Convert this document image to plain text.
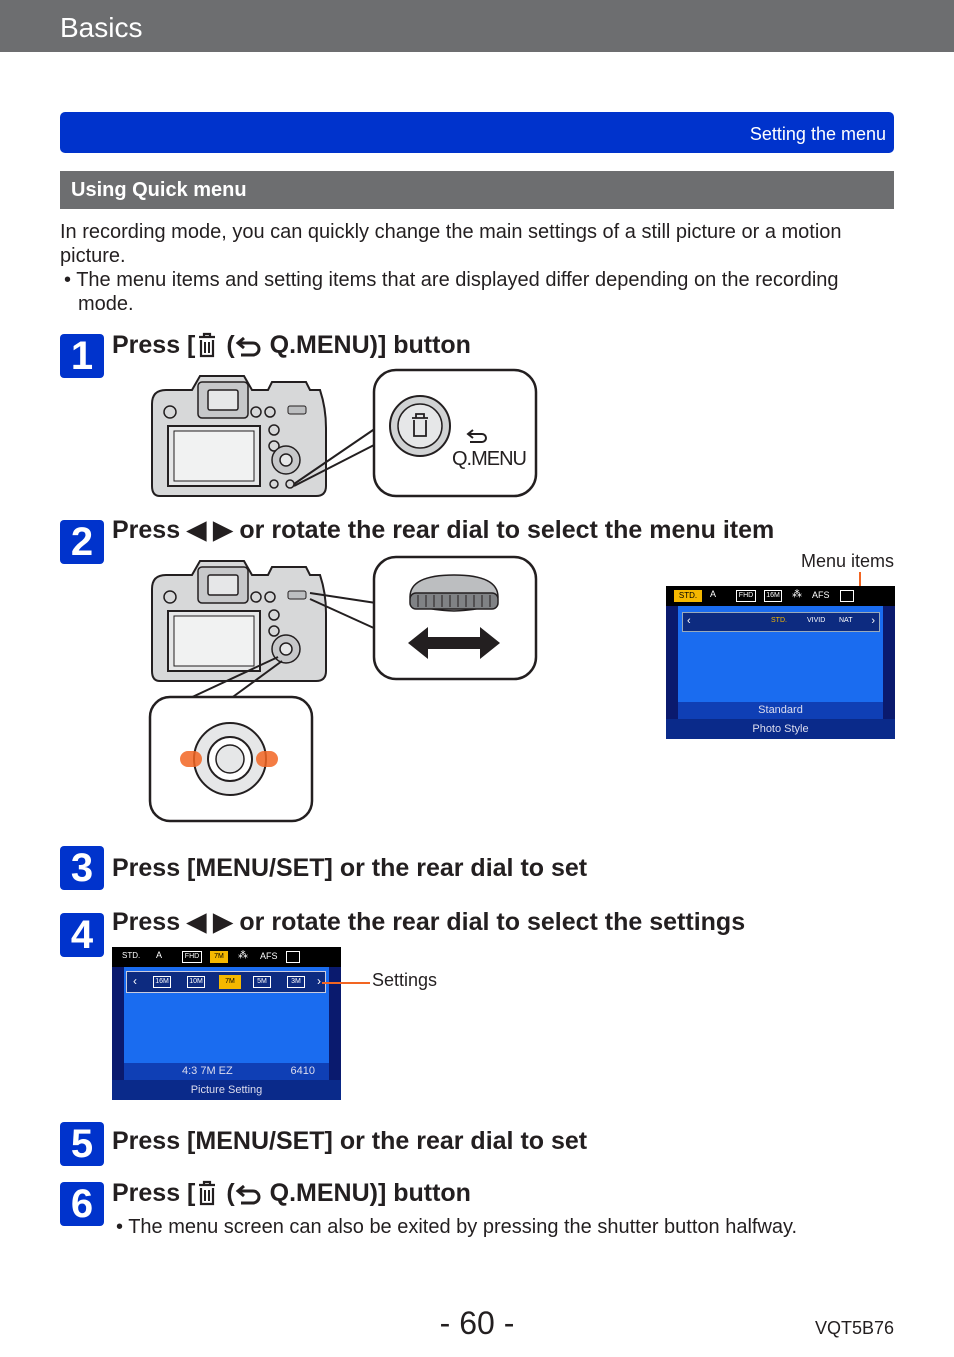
Basics
Setting the menu
Using Quick menu
In recording mode, you can quickly change the main settings of a still picture or a motion picture.
• The menu items and setting items that are displayed differ depending on the recording mode.
1 Press [ ( Q.MENU)] button
Q.MENU
2 Press ◀ ▶ or rotate the rear dial to select the menu item
Menu items
STD.	A	FHD	16M ⁂ AFS
‹	STD.	VIVID NAT ›
Standard
Photo Style
3 Press [MENU/SET] or the rear dial to set
4 Press ◀ ▶ or rotate the rear dial to select the settings
STD. A	FHD	7M	⁂ AFS
‹	16M	10M	7M	5M	3M	›
4:3 7M EZ	6410
Picture Setting
Settings
5 Press [MENU/SET] or the rear dial to set
6 Press [ ( Q.MENU)] button
• The menu screen can also be exited by pressing the shutter button halfway.
- 60 -	VQT5B76
